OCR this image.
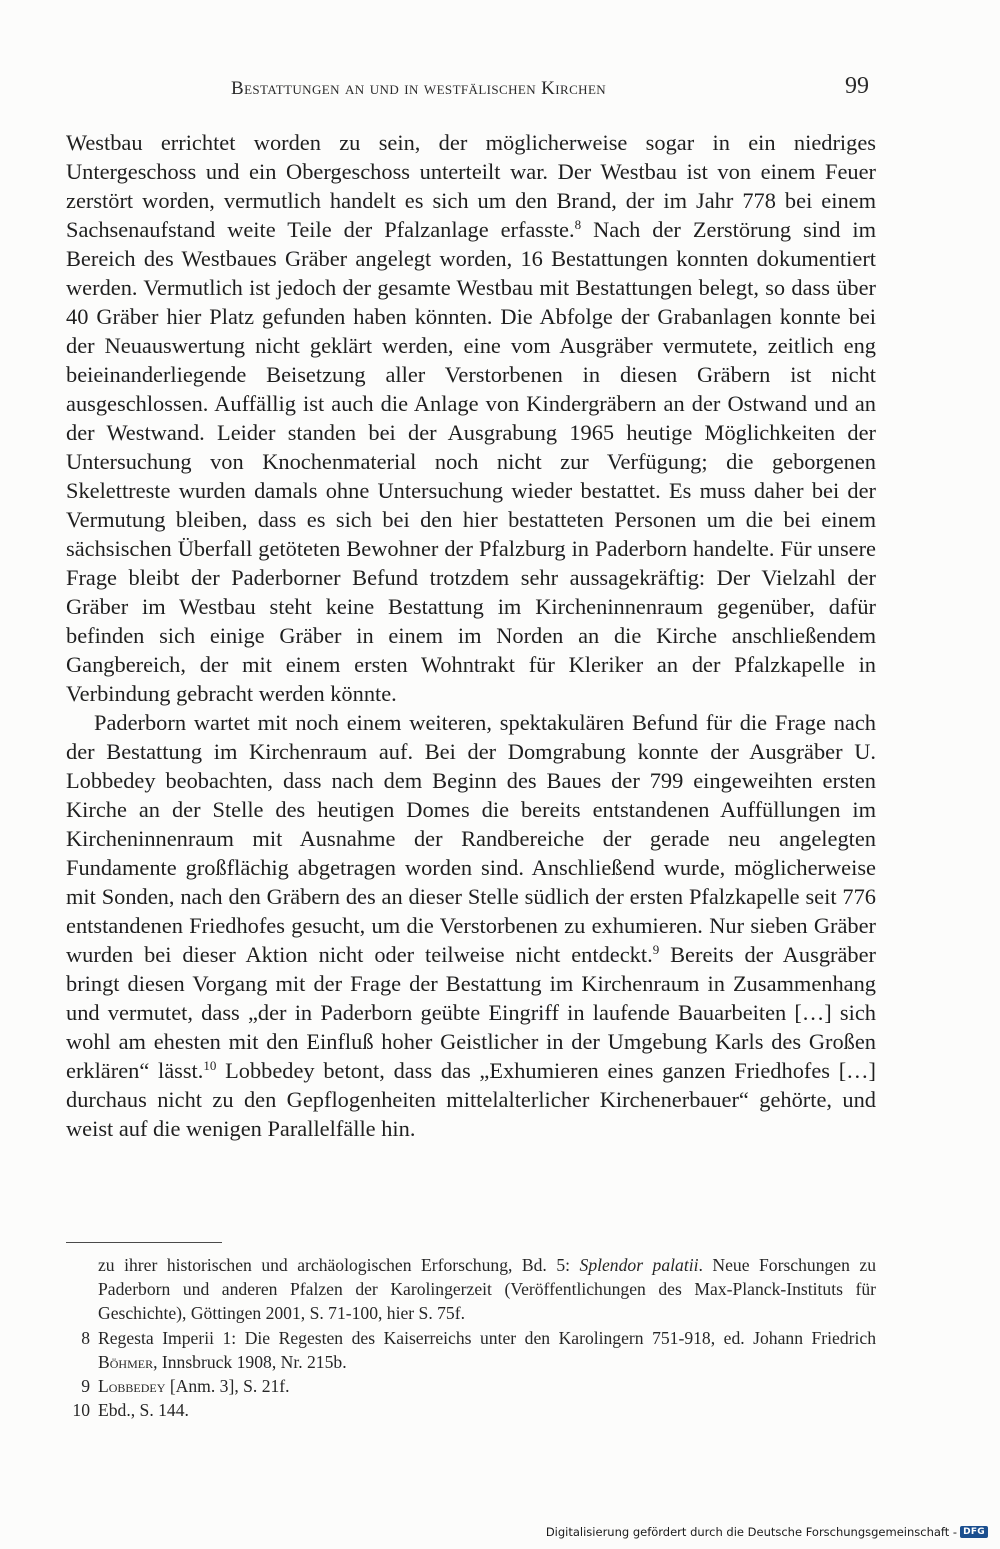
Bestattungen an und in westfälischen Kirchen	99

Westbau errichtet worden zu sein, der möglicherweise sogar in ein niedriges Untergeschoss und ein Obergeschoss unterteilt war. Der Westbau ist von einem Feuer zerstört worden, vermutlich handelt es sich um den Brand, der im Jahr 778 bei einem Sachsenaufstand weite Teile der Pfalzanlage erfasste.$^8$ Nach der Zerstörung sind im Bereich des Westbaues Gräber angelegt worden, 16 Bestattungen konnten dokumentiert werden. Vermutlich ist jedoch der gesamte Westbau mit Bestattungen belegt, so dass über 40 Gräber hier Platz gefunden haben könnten. Die Abfolge der Grabanlagen konnte bei der Neuauswertung nicht geklärt werden, eine vom Ausgräber vermutete, zeitlich eng beieinanderliegende Beisetzung aller Verstorbenen in diesen Gräbern ist nicht ausgeschlossen. Auffällig ist auch die Anlage von Kindergräbern an der Ostwand und an der Westwand. Leider standen bei der Ausgrabung 1965 heutige Möglichkeiten der Untersuchung von Knochenmaterial noch nicht zur Verfügung; die geborgenen Skelettreste wurden damals ohne Untersuchung wieder bestattet. Es muss daher bei der Vermutung bleiben, dass es sich bei den hier bestatteten Personen um die bei einem sächsischen Überfall getöteten Bewohner der Pfalzburg in Paderborn handelte. Für unsere Frage bleibt der Paderborner Befund trotzdem sehr aussagekräftig: Der Vielzahl der Gräber im Westbau steht keine Bestattung im Kircheninnenraum gegenüber, dafür befinden sich einige Gräber in einem im Norden an die Kirche anschließendem Gangbereich, der mit einem ersten Wohntrakt für Kleriker an der Pfalzkapelle in Verbindung gebracht werden könnte.

Paderborn wartet mit noch einem weiteren, spektakulären Befund für die Frage nach der Bestattung im Kirchenraum auf. Bei der Domgrabung konnte der Ausgräber U. Lobbedey beobachten, dass nach dem Beginn des Baues der 799 eingeweihten ersten Kirche an der Stelle des heutigen Domes die bereits entstandenen Auffüllungen im Kircheninnenraum mit Ausnahme der Randbereiche der gerade neu angelegten Fundamente großflächig abgetragen worden sind. Anschließend wurde, möglicherweise mit Sonden, nach den Gräbern des an dieser Stelle südlich der ersten Pfalzkapelle seit 776 entstandenen Friedhofes gesucht, um die Verstorbenen zu exhumieren. Nur sieben Gräber wurden bei dieser Aktion nicht oder teilweise nicht entdeckt.$^9$ Bereits der Ausgräber bringt diesen Vorgang mit der Frage der Bestattung im Kirchenraum in Zusammenhang und vermutet, dass „der in Paderborn geübte Eingriff in laufende Bauarbeiten […] sich wohl am ehesten mit den Einfluß hoher Geistlicher in der Umgebung Karls des Großen erklären“ lässt.$^{10}$ Lobbedey betont, dass das „Exhumieren eines ganzen Friedhofes […] durchaus nicht zu den Gepflogenheiten mittelalterlicher Kirchenerbauer“ gehörte, und weist auf die wenigen Parallelfälle hin.

zu ihrer historischen und archäologischen Erforschung, Bd. 5: Splendor palatii. Neue Forschungen zu Paderborn und anderen Pfalzen der Karolingerzeit (Veröffentlichungen des Max-Planck-Instituts für Geschichte), Göttingen 2001, S. 71-100, hier S. 75f.
8 Regesta Imperii 1: Die Regesten des Kaiserreichs unter den Karolingern 751-918, ed. Johann Friedrich Böhmer, Innsbruck 1908, Nr. 215b.
9 Lobbedey [Anm. 3], S. 21f.
10 Ebd., S. 144.
Digitalisierung gefördert durch die Deutsche Forschungsgemeinschaft - DFG
